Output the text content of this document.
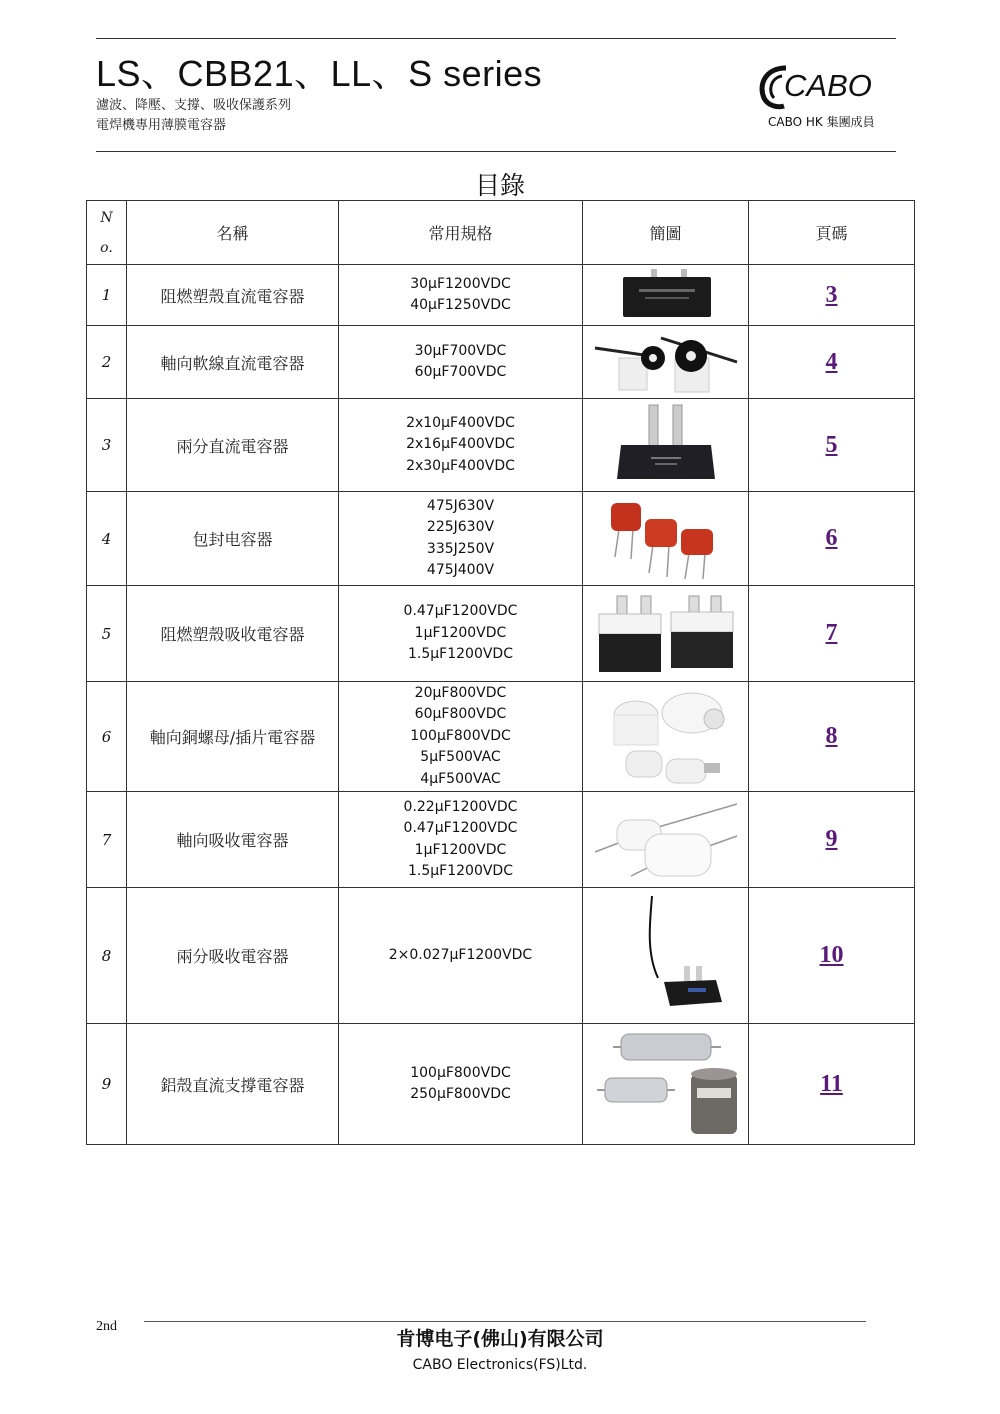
LS、CBB21、LL、S series
濾波、降壓、支撐、吸收保護系列
電焊機專用薄膜電容器
CABO
CABO HK 集團成員
目錄
N
o.	名稱	常用規格	簡圖	頁碼
1	阻燃塑殼直流電容器	30μF1200VDC
40μF1250VDC		3
2	軸向軟線直流電容器	30μF700VDC
60μF700VDC		4
3	兩分直流電容器	2x10μF400VDC
2x16μF400VDC
2x30μF400VDC		5
4	包封电容器	475J630V
225J630V
335J250V
475J400V		6
5	阻燃塑殼吸收電容器	0.47μF1200VDC
1μF1200VDC
1.5μF1200VDC		7
6	軸向銅螺母/插片電容器	20μF800VDC
60μF800VDC
100μF800VDC
5μF500VAC
4μF500VAC		8
7	軸向吸收電容器	0.22μF1200VDC
0.47μF1200VDC
1μF1200VDC
1.5μF1200VDC		9
8	兩分吸收電容器	2×0.027μF1200VDC		10
9	鋁殼直流支撐電容器	100μF800VDC
250μF800VDC		11
2nd
肯博电子(佛山)有限公司
CABO Electronics(FS)Ltd.
